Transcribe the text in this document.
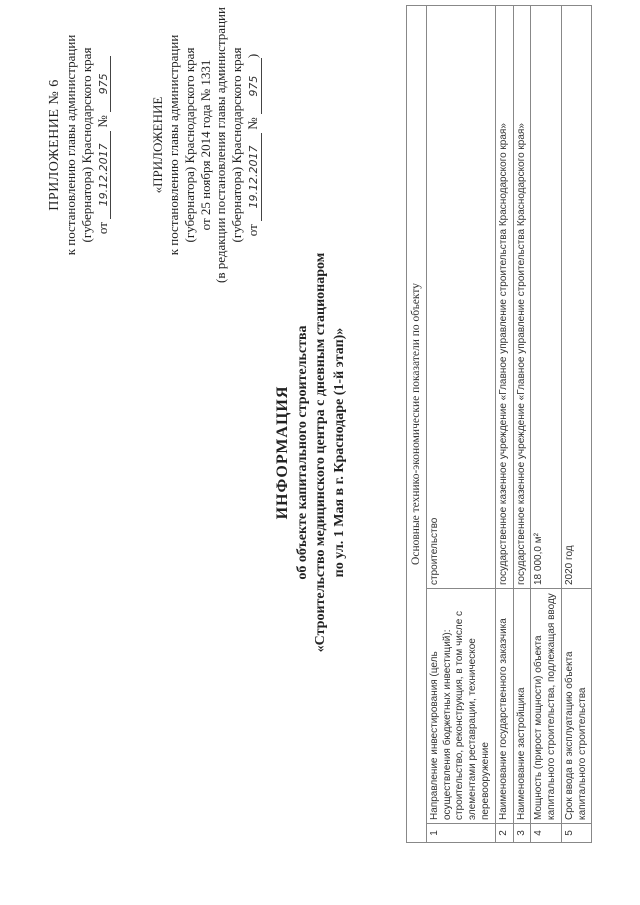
ПРИЛОЖЕНИЕ № 6 к постановлению главы администрации (губернатора) Краснодарского края от 19.12.2017 № 975
«ПРИЛОЖЕНИЕ к постановлению главы администрации (губернатора) Краснодарского края от 25 ноября 2014 года № 1331 (в редакции постановления главы администрации (губернатора) Краснодарского края от 19.12.2017 № 975)
ИНФОРМАЦИЯ об объекте капитального строительства «Строительство медицинского центра с дневным стационаром по ул. 1 Мая в г. Краснодаре (1-й этап)»	Основные технико-экономические показатели по объекту		
1	Направление инвестирования (цель осуществления бюджетных инвестиций): строительство, реконструкция, в том числе с элементами реставрации, техническое перевооружение	строительство
2	Наименование государственного заказчика	государственное казенное учреждение «Главное управление строительства Краснодарского края»
3	Наименование застройщика	государственное казенное учреждение «Главное управление строительства Краснодарского края»
4	Мощность (прирост мощности) объекта капитального строительства, подлежащая вводу	18 000,0 м²
5	Срок ввода в эксплуатацию объекта капитального строительства	2020 год
